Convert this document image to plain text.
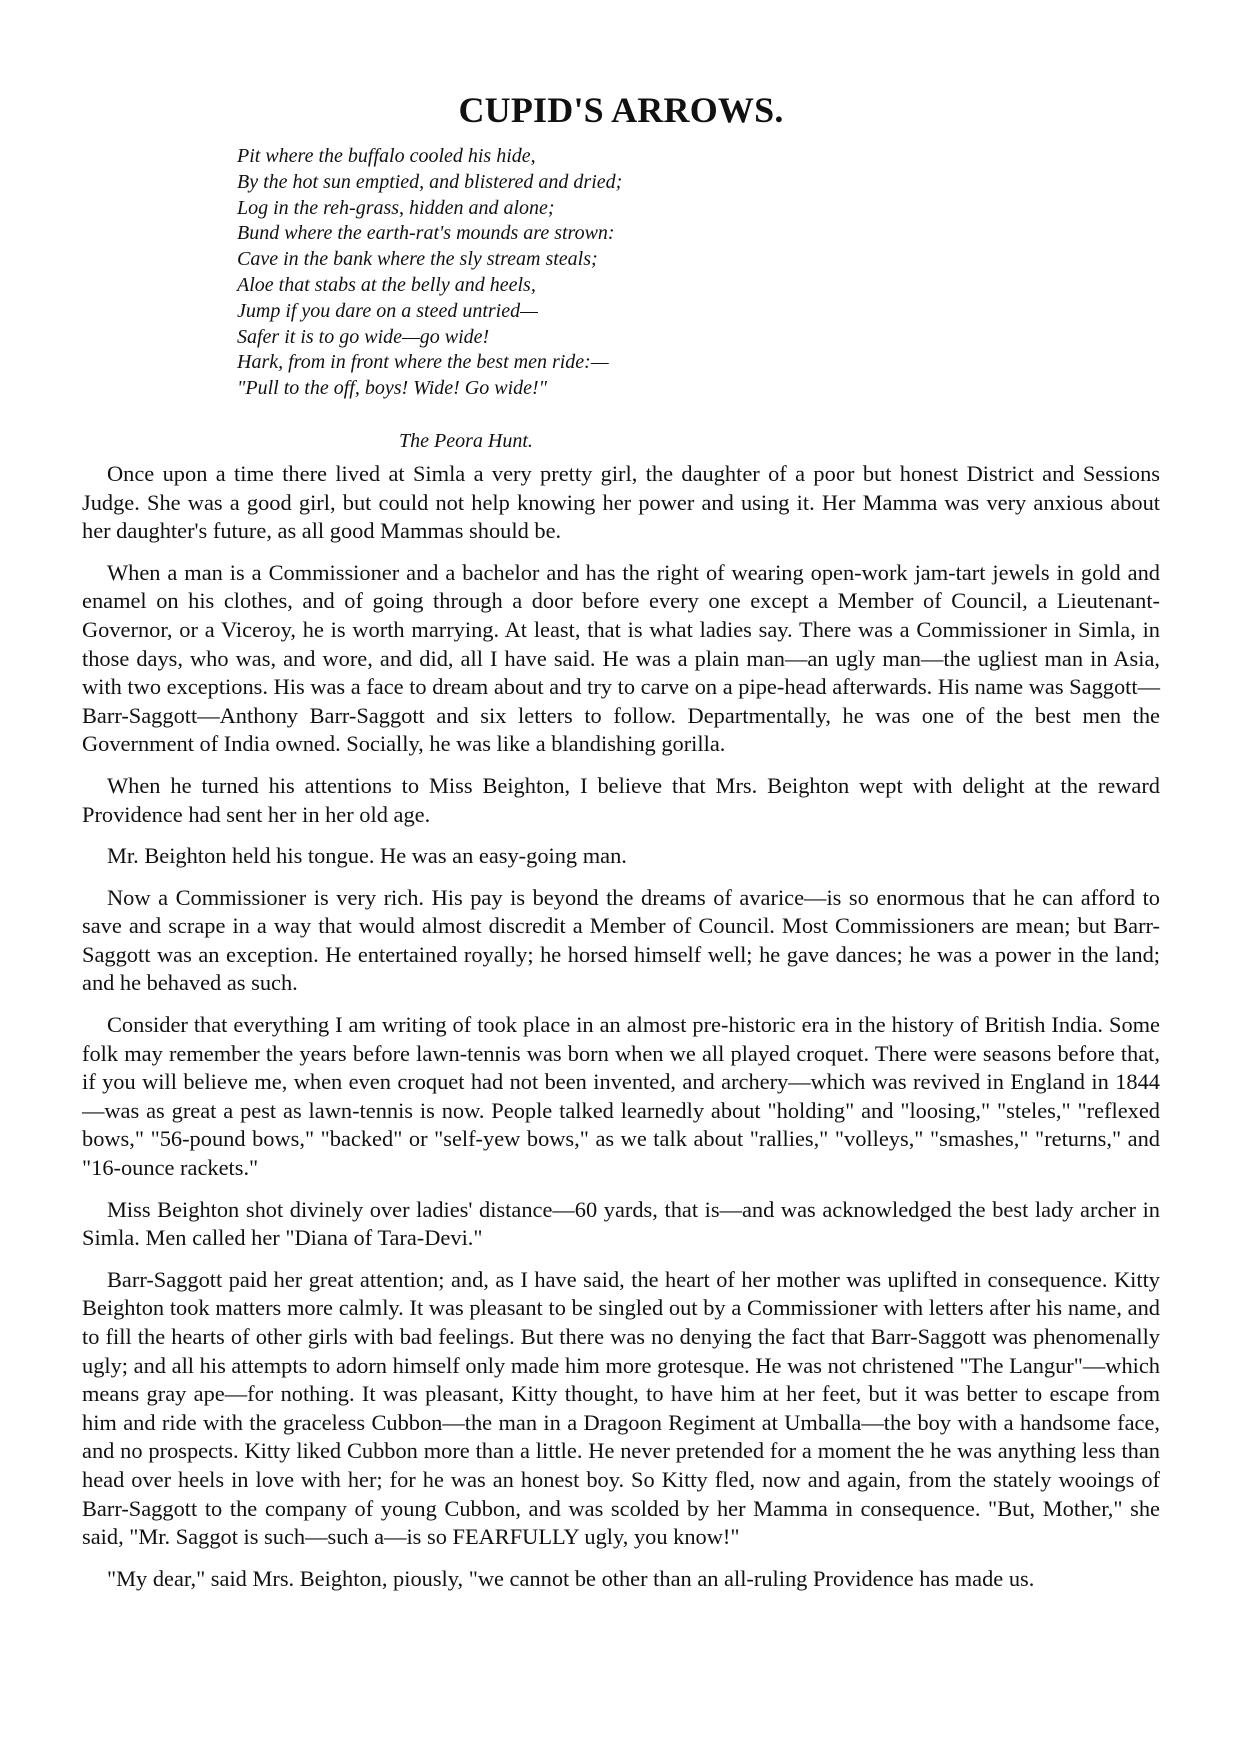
CUPID'S ARROWS.
Pit where the buffalo cooled his hide,
By the hot sun emptied, and blistered and dried;
Log in the reh-grass, hidden and alone;
Bund where the earth-rat's mounds are strown:
Cave in the bank where the sly stream steals;
Aloe that stabs at the belly and heels,
Jump if you dare on a steed untried—
Safer it is to go wide—go wide!
Hark, from in front where the best men ride:—
"Pull to the off, boys! Wide! Go wide!"
The Peora Hunt.

Once upon a time there lived at Simla a very pretty girl, the daughter of a poor but honest District and Sessions Judge. She was a good girl, but could not help knowing her power and using it. Her Mamma was very anxious about her daughter's future, as all good Mammas should be.

When a man is a Commissioner and a bachelor and has the right of wearing open-work jam-tart jewels in gold and enamel on his clothes, and of going through a door before every one except a Member of Council, a Lieutenant-Governor, or a Viceroy, he is worth marrying. At least, that is what ladies say. There was a Commissioner in Simla, in those days, who was, and wore, and did, all I have said. He was a plain man—an ugly man—the ugliest man in Asia, with two exceptions. His was a face to dream about and try to carve on a pipe-head afterwards. His name was Saggott—Barr-Saggott—Anthony Barr-Saggott and six letters to follow. Departmentally, he was one of the best men the Government of India owned. Socially, he was like a blandishing gorilla.

When he turned his attentions to Miss Beighton, I believe that Mrs. Beighton wept with delight at the reward Providence had sent her in her old age.

Mr. Beighton held his tongue. He was an easy-going man.

Now a Commissioner is very rich. His pay is beyond the dreams of avarice—is so enormous that he can afford to save and scrape in a way that would almost discredit a Member of Council. Most Commissioners are mean; but Barr-Saggott was an exception. He entertained royally; he horsed himself well; he gave dances; he was a power in the land; and he behaved as such.

Consider that everything I am writing of took place in an almost pre-historic era in the history of British India. Some folk may remember the years before lawn-tennis was born when we all played croquet. There were seasons before that, if you will believe me, when even croquet had not been invented, and archery—which was revived in England in 1844—was as great a pest as lawn-tennis is now. People talked learnedly about "holding" and "loosing," "steles," "reflexed bows," "56-pound bows," "backed" or "self-yew bows," as we talk about "rallies," "volleys," "smashes," "returns," and "16-ounce rackets."

Miss Beighton shot divinely over ladies' distance—60 yards, that is—and was acknowledged the best lady archer in Simla. Men called her "Diana of Tara-Devi."

Barr-Saggott paid her great attention; and, as I have said, the heart of her mother was uplifted in consequence. Kitty Beighton took matters more calmly. It was pleasant to be singled out by a Commissioner with letters after his name, and to fill the hearts of other girls with bad feelings. But there was no denying the fact that Barr-Saggott was phenomenally ugly; and all his attempts to adorn himself only made him more grotesque. He was not christened "The Langur"—which means gray ape—for nothing. It was pleasant, Kitty thought, to have him at her feet, but it was better to escape from him and ride with the graceless Cubbon—the man in a Dragoon Regiment at Umballa—the boy with a handsome face, and no prospects. Kitty liked Cubbon more than a little. He never pretended for a moment the he was anything less than head over heels in love with her; for he was an honest boy. So Kitty fled, now and again, from the stately wooings of Barr-Saggott to the company of young Cubbon, and was scolded by her Mamma in consequence. "But, Mother," she said, "Mr. Saggot is such—such a—is so FEARFULLY ugly, you know!"

"My dear," said Mrs. Beighton, piously, "we cannot be other than an all-ruling Providence has made us.
